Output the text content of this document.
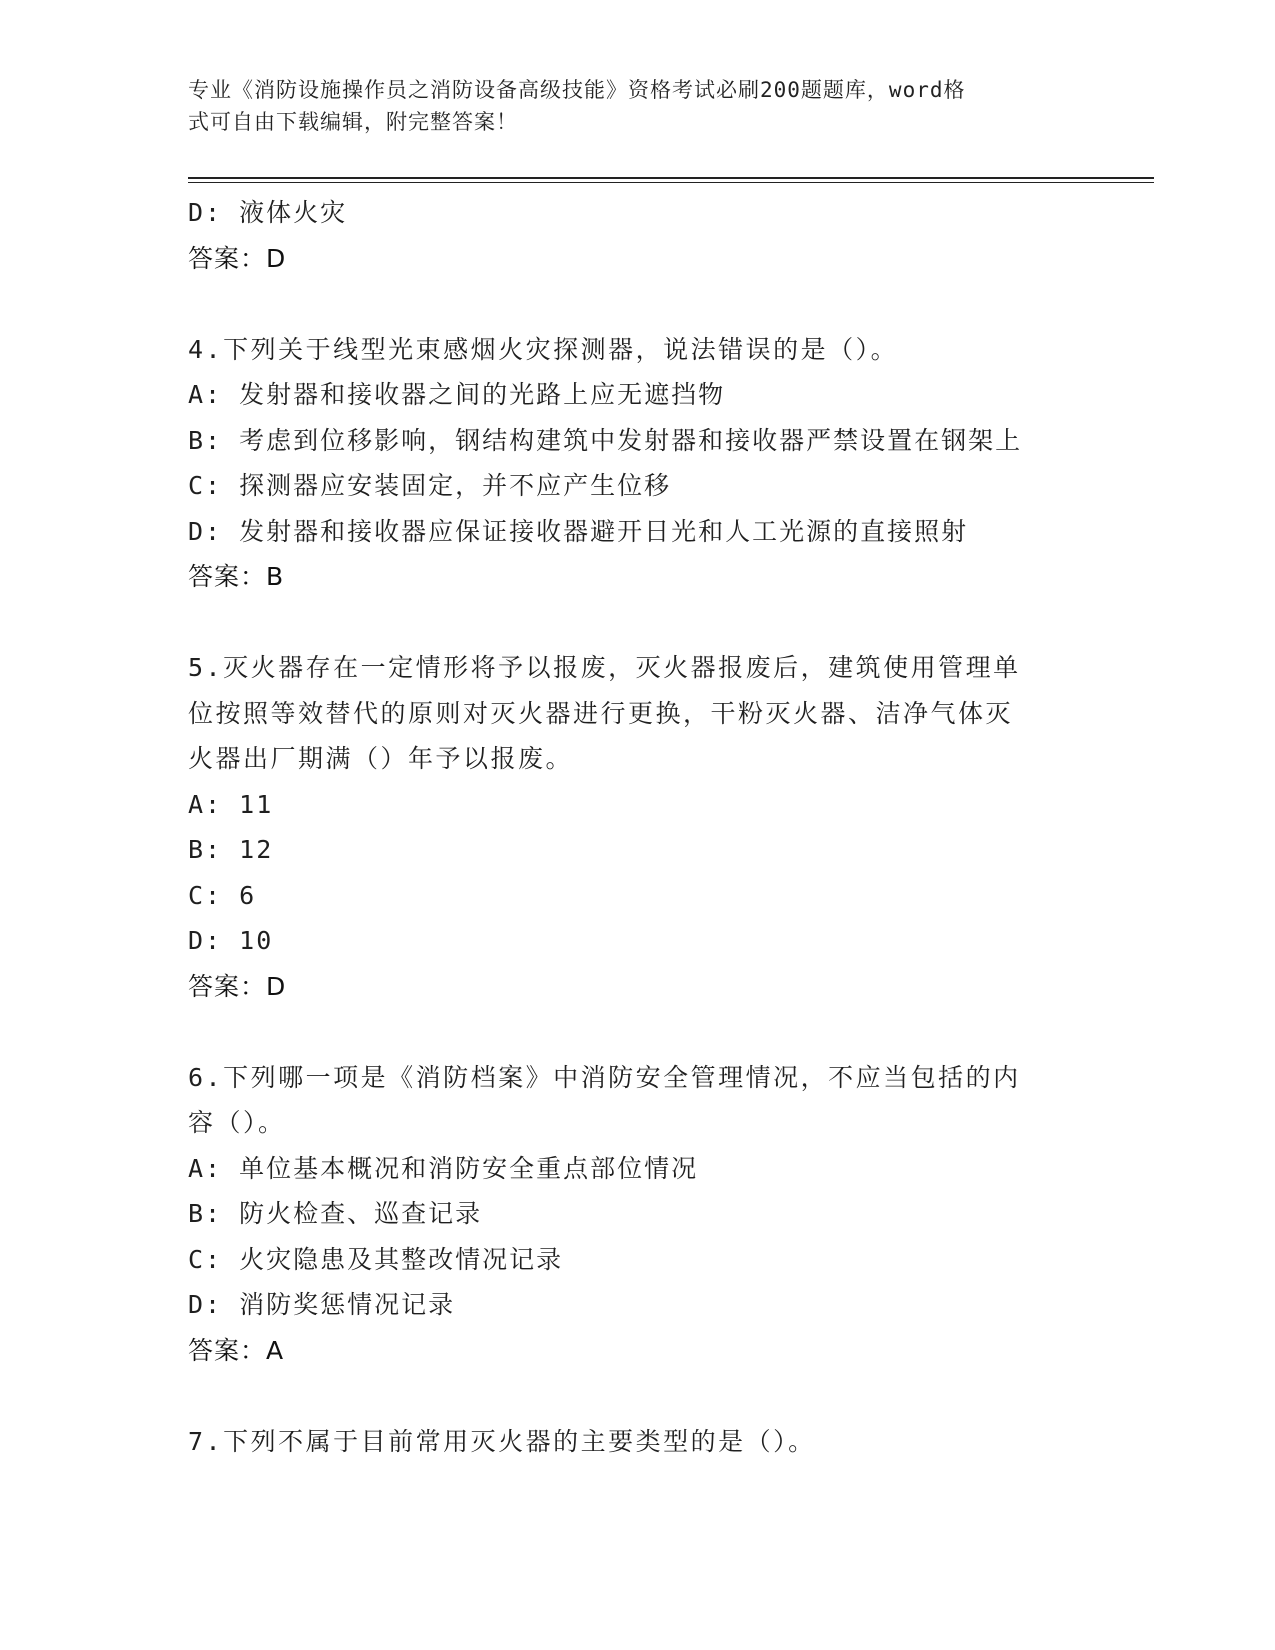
专业《消防设施操作员之消防设备高级技能》资格考试必刷200题题库，word格
式可自由下载编辑，附完整答案！
D: 液体火灾
答案：D
4.下列关于线型光束感烟火灾探测器，说法错误的是（）。
A: 发射器和接收器之间的光路上应无遮挡物
B: 考虑到位移影响，钢结构建筑中发射器和接收器严禁设置在钢架上
C: 探测器应安装固定，并不应产生位移
D: 发射器和接收器应保证接收器避开日光和人工光源的直接照射
答案：B
5.灭火器存在一定情形将予以报废，灭火器报废后，建筑使用管理单
位按照等效替代的原则对灭火器进行更换，干粉灭火器、洁净气体灭
火器出厂期满（）年予以报废。
A: 11
B: 12
C: 6
D: 10
答案：D
6.下列哪一项是《消防档案》中消防安全管理情况，不应当包括的内
容（）。
A: 单位基本概况和消防安全重点部位情况
B: 防火检查、巡查记录
C: 火灾隐患及其整改情况记录
D: 消防奖惩情况记录
答案：A
7.下列不属于目前常用灭火器的主要类型的是（）。
